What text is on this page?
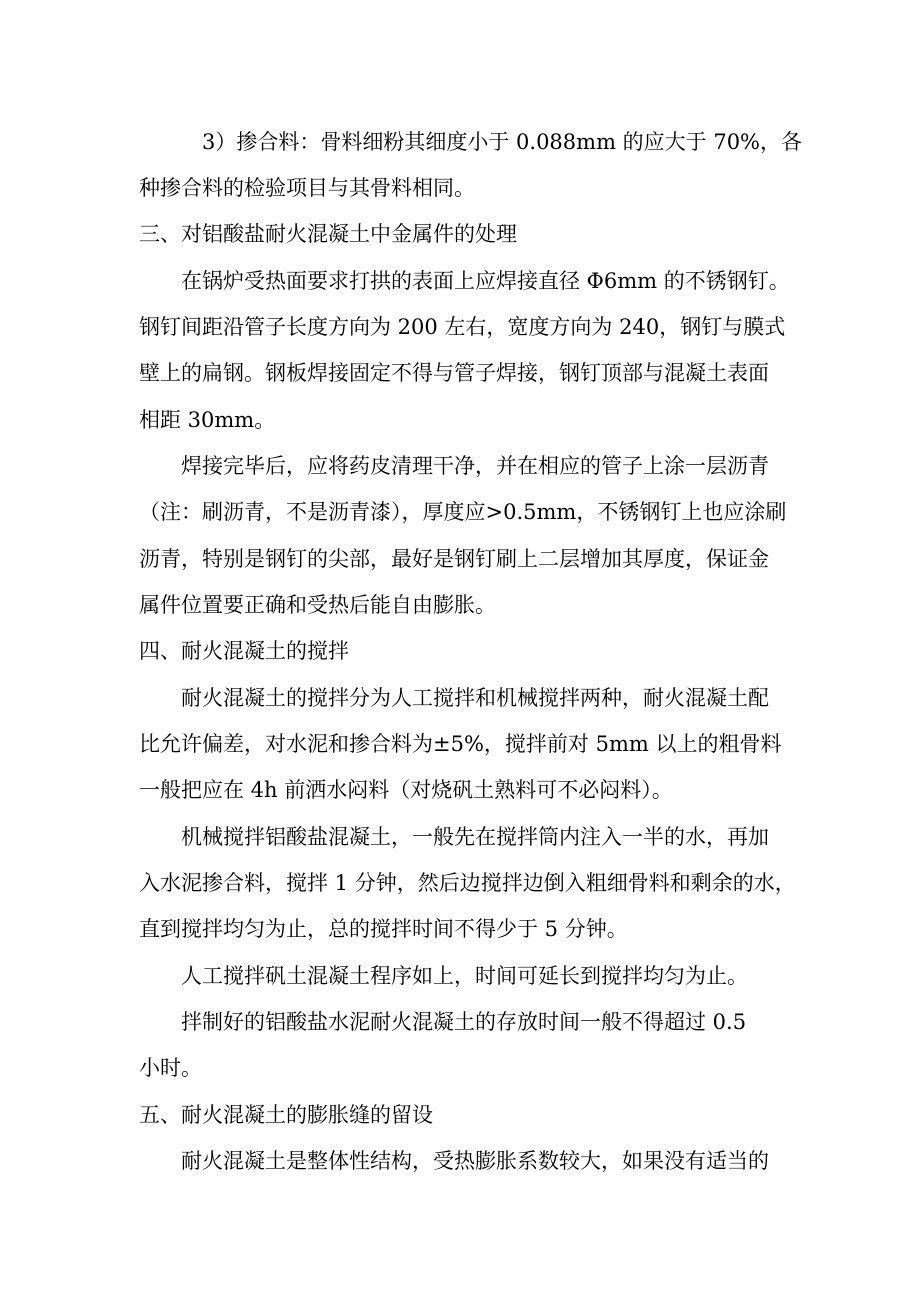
3）掺合料：骨料细粉其细度小于 0.088mm 的应大于 70%，各
种掺合料的检验项目与其骨料相同。
三、对铝酸盐耐火混凝土中金属件的处理
在锅炉受热面要求打拱的表面上应焊接直径 Φ6mm 的不锈钢钉。
钢钉间距沿管子长度方向为 200 左右，宽度方向为 240，钢钉与膜式
壁上的扁钢。钢板焊接固定不得与管子焊接，钢钉顶部与混凝土表面
相距 30mm。
焊接完毕后，应将药皮清理干净，并在相应的管子上涂一层沥青
（注：刷沥青，不是沥青漆），厚度应>0.5mm，不锈钢钉上也应涂刷
沥青，特别是钢钉的尖部，最好是钢钉刷上二层增加其厚度，保证金
属件位置要正确和受热后能自由膨胀。
四、耐火混凝土的搅拌
耐火混凝土的搅拌分为人工搅拌和机械搅拌两种，耐火混凝土配
比允许偏差，对水泥和掺合料为±5%，搅拌前对 5mm 以上的粗骨料
一般把应在 4h 前洒水闷料（对烧矾土熟料可不必闷料）。
机械搅拌铝酸盐混凝土，一般先在搅拌筒内注入一半的水，再加
入水泥掺合料，搅拌 1 分钟，然后边搅拌边倒入粗细骨料和剩余的水，
直到搅拌均匀为止，总的搅拌时间不得少于 5 分钟。
人工搅拌矾土混凝土程序如上，时间可延长到搅拌均匀为止。
拌制好的铝酸盐水泥耐火混凝土的存放时间一般不得超过 0.5
小时。
五、耐火混凝土的膨胀缝的留设
耐火混凝土是整体性结构，受热膨胀系数较大，如果没有适当的
